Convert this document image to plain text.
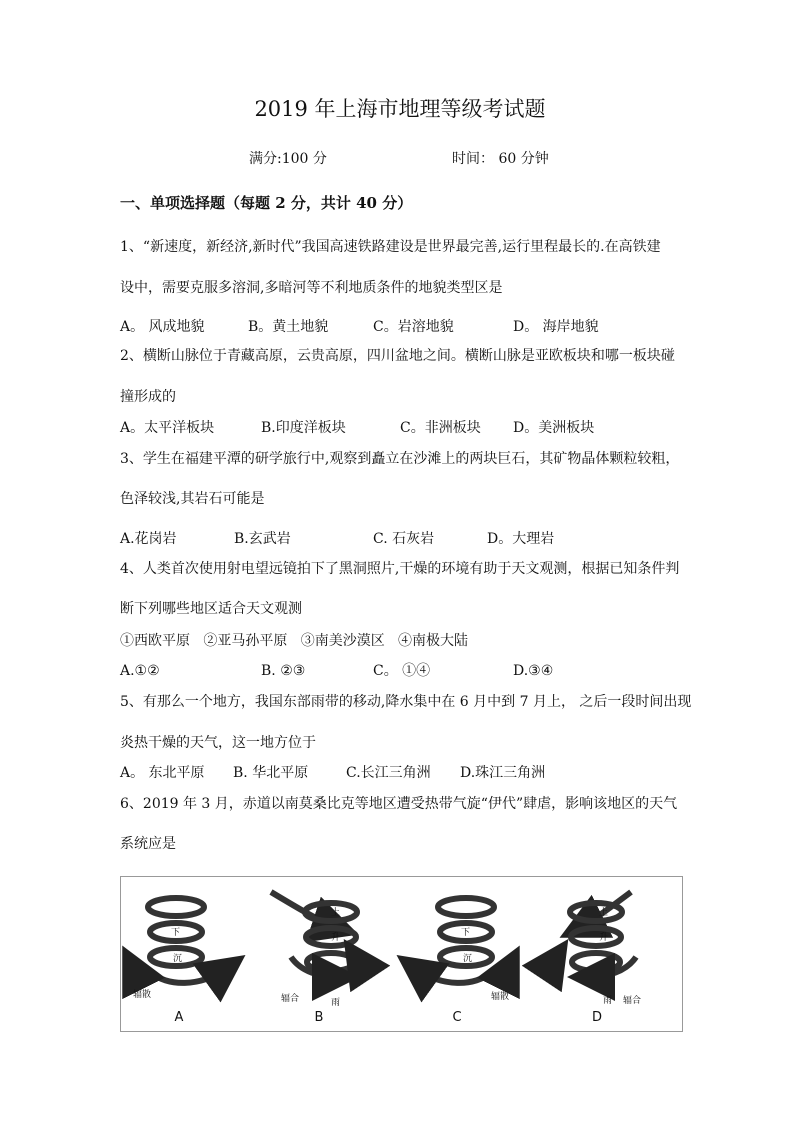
2019 年上海市地理等级考试题
满分:100 分	时间： 60 分钟
一、单项选择题（每题 2 分，共计 40 分）
1、“新速度，新经济,新时代”我国高速铁路建设是世界最完善,运行里程最长的.在高铁建
设中，需要克服多溶洞,多暗河等不利地质条件的地貌类型区是
A。 风成地貌	B。黄土地貌	C。岩溶地貌	D。 海岸地貌
2、横断山脉位于青藏高原，云贵高原，四川盆地之间。横断山脉是亚欧板块和哪一板块碰
撞形成的
A。太平洋板块	B.印度洋板块	C。非洲板块 D。美洲板块
3、学生在福建平潭的研学旅行中,观察到矗立在沙滩上的两块巨石，其矿物晶体颗粒较粗，
色泽较浅,其岩石可能是
A.花岗岩	B.玄武岩	C. 石灰岩	D。大理岩
4、人类首次使用射电望远镜拍下了黑洞照片,干燥的环境有助于天文观测，根据已知条件判
断下列哪些地区适合天文观测
①西欧平原   ②亚马孙平原   ③南美沙漠区   ④南极大陆
A.①②	B. ②③	C。 ①④	D.③④
5、有那么一个地方，我国东部雨带的移动,降水集中在 6 月中到 7 月上， 之后一段时间出现
炎热干燥的天气，这一地方位于
A。 东北平原 B. 华北平原	C.长江三角洲 D.珠江三角洲
6、2019 年 3 月，赤道以南莫桑比克等地区遭受热带气旋“伊代”肆虐，影响该地区的天气
系统应是
下
沉
辐散
上
升
辐合	雨
下
沉
辐散
上
升
雨 辐合
A	B	C	D
